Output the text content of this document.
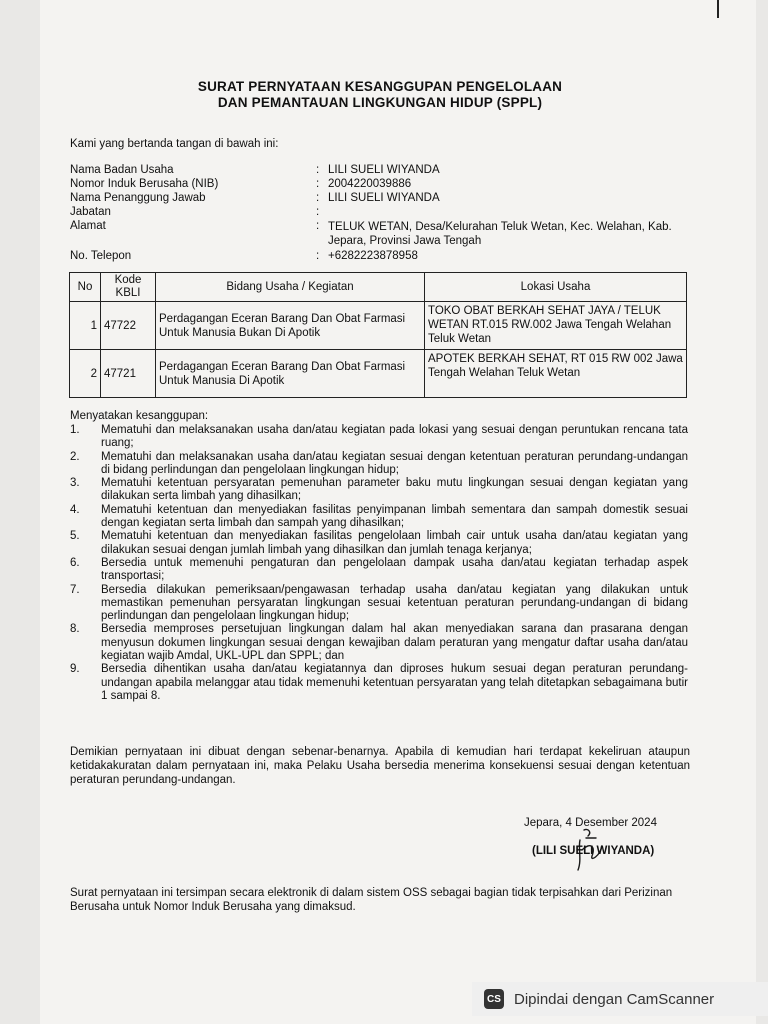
SURAT PERNYATAAN KESANGGUPAN PENGELOLAAN
DAN PEMANTAUAN LINGKUNGAN HIDUP (SPPL)
Kami yang bertanda tangan di bawah ini:
Nama Badan Usaha	: LILI SUELI WIYANDA
Nomor Induk Berusaha (NIB)	: 2004220039886
Nama Penanggung Jawab	: LILI SUELI WIYANDA
Jabatan	:
Alamat	: TELUK WETAN, Desa/Kelurahan Teluk Wetan, Kec. Welahan, Kab. Jepara, Provinsi Jawa Tengah
No. Telepon	: +6282223878958
No	Kode KBLI	Bidang Usaha / Kegiatan	Lokasi Usaha
1	47722	Perdagangan Eceran Barang Dan Obat Farmasi Untuk Manusia Bukan Di Apotik	TOKO OBAT BERKAH SEHAT JAYA / TELUK WETAN RT.015 RW.002 Jawa Tengah Welahan Teluk Wetan
2	47721	Perdagangan Eceran Barang Dan Obat Farmasi Untuk Manusia Di Apotik	APOTEK BERKAH SEHAT, RT 015 RW 002 Jawa Tengah Welahan Teluk Wetan
Menyatakan kesanggupan:
1. Mematuhi dan melaksanakan usaha dan/atau kegiatan pada lokasi yang sesuai dengan peruntukan rencana tata ruang;
2. Mematuhi dan melaksanakan usaha dan/atau kegiatan sesuai dengan ketentuan peraturan perundang-undangan di bidang perlindungan dan pengelolaan lingkungan hidup;
3. Mematuhi ketentuan persyaratan pemenuhan parameter baku mutu lingkungan sesuai dengan kegiatan yang dilakukan serta limbah yang dihasilkan;
4. Mematuhi ketentuan dan menyediakan fasilitas penyimpanan limbah sementara dan sampah domestik sesuai dengan kegiatan serta limbah dan sampah yang dihasilkan;
5. Mematuhi ketentuan dan menyediakan fasilitas pengelolaan limbah cair untuk usaha dan/atau kegiatan yang dilakukan sesuai dengan jumlah limbah yang dihasilkan dan jumlah tenaga kerjanya;
6. Bersedia untuk memenuhi pengaturan dan pengelolaan dampak usaha dan/atau kegiatan terhadap aspek transportasi;
7. Bersedia dilakukan pemeriksaan/pengawasan terhadap usaha dan/atau kegiatan yang dilakukan untuk memastikan pemenuhan persyaratan lingkungan sesuai ketentuan peraturan perundang-undangan di bidang perlindungan dan pengelolaan lingkungan hidup;
8. Bersedia memproses persetujuan lingkungan dalam hal akan menyediakan sarana dan prasarana dengan menyusun dokumen lingkungan sesuai dengan kewajiban dalam peraturan yang mengatur daftar usaha dan/atau kegiatan wajib Amdal, UKL-UPL dan SPPL; dan
9. Bersedia dihentikan usaha dan/atau kegiatannya dan diproses hukum sesuai degan peraturan perundang-undangan apabila melanggar atau tidak memenuhi ketentuan persyaratan yang telah ditetapkan sebagaimana butir 1 sampai 8.
Demikian pernyataan ini dibuat dengan sebenar-benarnya. Apabila di kemudian hari terdapat kekeliruan ataupun ketidakakuratan dalam pernyataan ini, maka Pelaku Usaha bersedia menerima konsekuensi sesuai dengan ketentuan peraturan perundang-undangan.
Jepara, 4 Desember 2024
(LILI SUELI WIYANDA)
Surat pernyataan ini tersimpan secara elektronik di dalam sistem OSS sebagai bagian tidak terpisahkan dari Perizinan Berusaha untuk Nomor Induk Berusaha yang dimaksud.
CS Dipindai dengan CamScanner
